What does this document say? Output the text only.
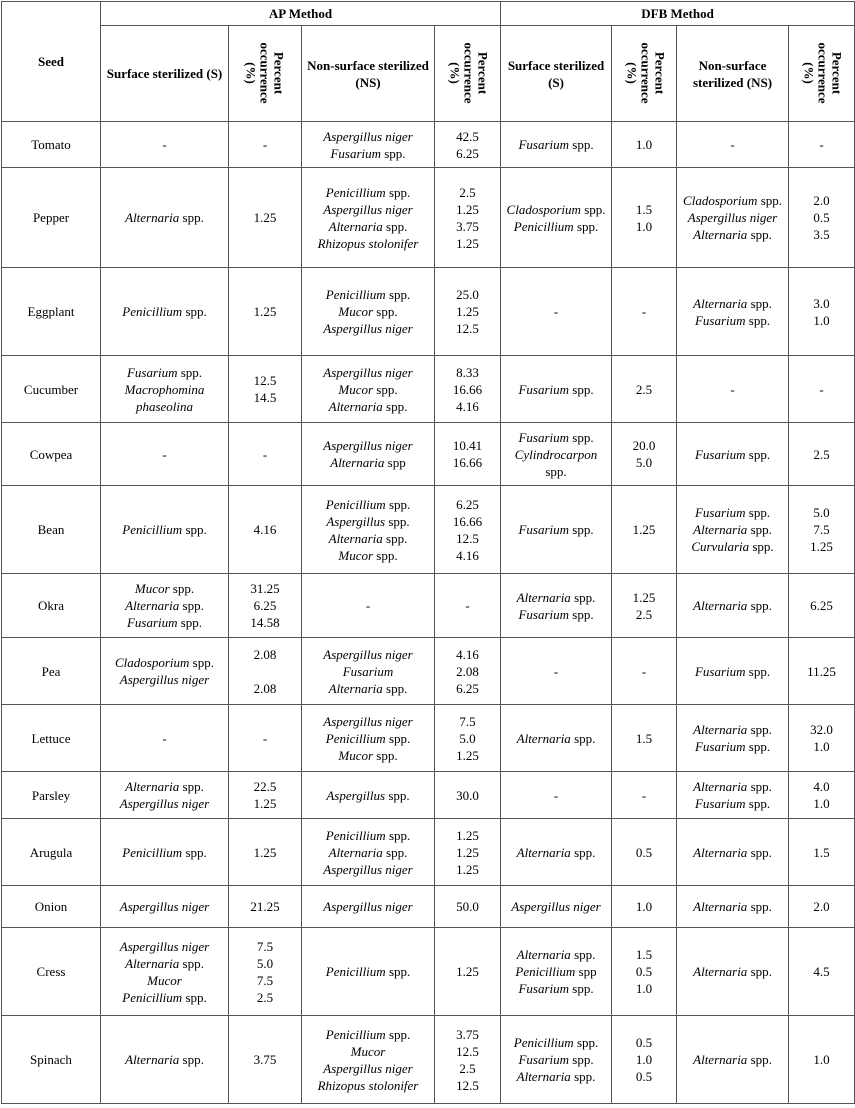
Seed	AP Method				DFB Method			
	Surface sterilized (S)	Percent
occurrence
(%)	Non-surface sterilized (NS)	Percent
occurrence
(%)	Surface sterilized (S)	Percent
occurrence
(%)	Non-surface sterilized (NS)	Percent
occurrence
(%)

Tomato	-	-	Aspergillus niger
Fusarium spp.	42.5
6.25	Fusarium spp.	1.0	-	-

Pepper	Alternaria spp.	1.25	Penicillium spp.
Aspergillus niger
Alternaria spp.
Rhizopus stolonifer	2.5
1.25
3.75
1.25	Cladosporium spp.
Penicillium spp.	1.5
1.0	Cladosporium spp.
Aspergillus niger
Alternaria spp.	2.0
0.5
3.5

Eggplant	Penicillium spp.	1.25	Penicillium spp.
Mucor spp.
Aspergillus niger	25.0
1.25
12.5	-	-	Alternaria spp.
Fusarium spp.	3.0
1.0

Cucumber	Fusarium spp.
Macrophomina phaseolina	12.5
14.5	Aspergillus niger
Mucor spp.
Alternaria spp.	8.33
16.66
4.16	Fusarium spp.	2.5	-	-

Cowpea	-	-	Aspergillus niger
Alternaria spp	10.41
16.66	Fusarium spp.
Cylindrocarpon spp.	20.0
5.0	Fusarium spp.	2.5

Bean	Penicillium spp.	4.16	Penicillium spp.
Aspergillus spp.
Alternaria spp.
Mucor spp.	6.25
16.66
12.5
4.16	Fusarium spp.	1.25	Fusarium spp.
Alternaria spp.
Curvularia spp.	5.0
7.5
1.25

Okra	Mucor spp.
Alternaria spp.
Fusarium spp.	31.25
6.25
14.58	-	-	Alternaria spp.
Fusarium spp.	1.25
2.5	Alternaria spp.	6.25

Pea	Cladosporium spp.
Aspergillus niger	2.08

2.08	Aspergillus niger
Fusarium
Alternaria spp.	4.16
2.08
6.25	-	-	Fusarium spp.	11.25

Lettuce	-	-	Aspergillus niger
Penicillium spp.
Mucor spp.	7.5
5.0
1.25	Alternaria spp.	1.5	Alternaria spp.
Fusarium spp.	32.0
1.0

Parsley	Alternaria spp.
Aspergillus niger	22.5
1.25	Aspergillus spp.	30.0	-	-	Alternaria spp.
Fusarium spp.	4.0
1.0

Arugula	Penicillium spp.	1.25	Penicillium spp.
Alternaria spp.
Aspergillus niger	1.25
1.25
1.25	Alternaria spp.	0.5	Alternaria spp.	1.5

Onion	Aspergillus niger	21.25	Aspergillus niger	50.0	Aspergillus niger	1.0	Alternaria spp.	2.0

Cress	Aspergillus niger
Alternaria spp.
Mucor
Penicillium spp.	7.5
5.0
7.5
2.5	Penicillium spp.	1.25	Alternaria spp.
Penicillium spp
Fusarium spp.	1.5
0.5
1.0	Alternaria spp.	4.5

Spinach	Alternaria spp.	3.75	Penicillium spp.
Mucor
Aspergillus niger
Rhizopus stolonifer	3.75
12.5
2.5
12.5	Penicillium spp.
Fusarium spp.
Alternaria spp.	0.5
1.0
0.5	Alternaria spp.	1.0
